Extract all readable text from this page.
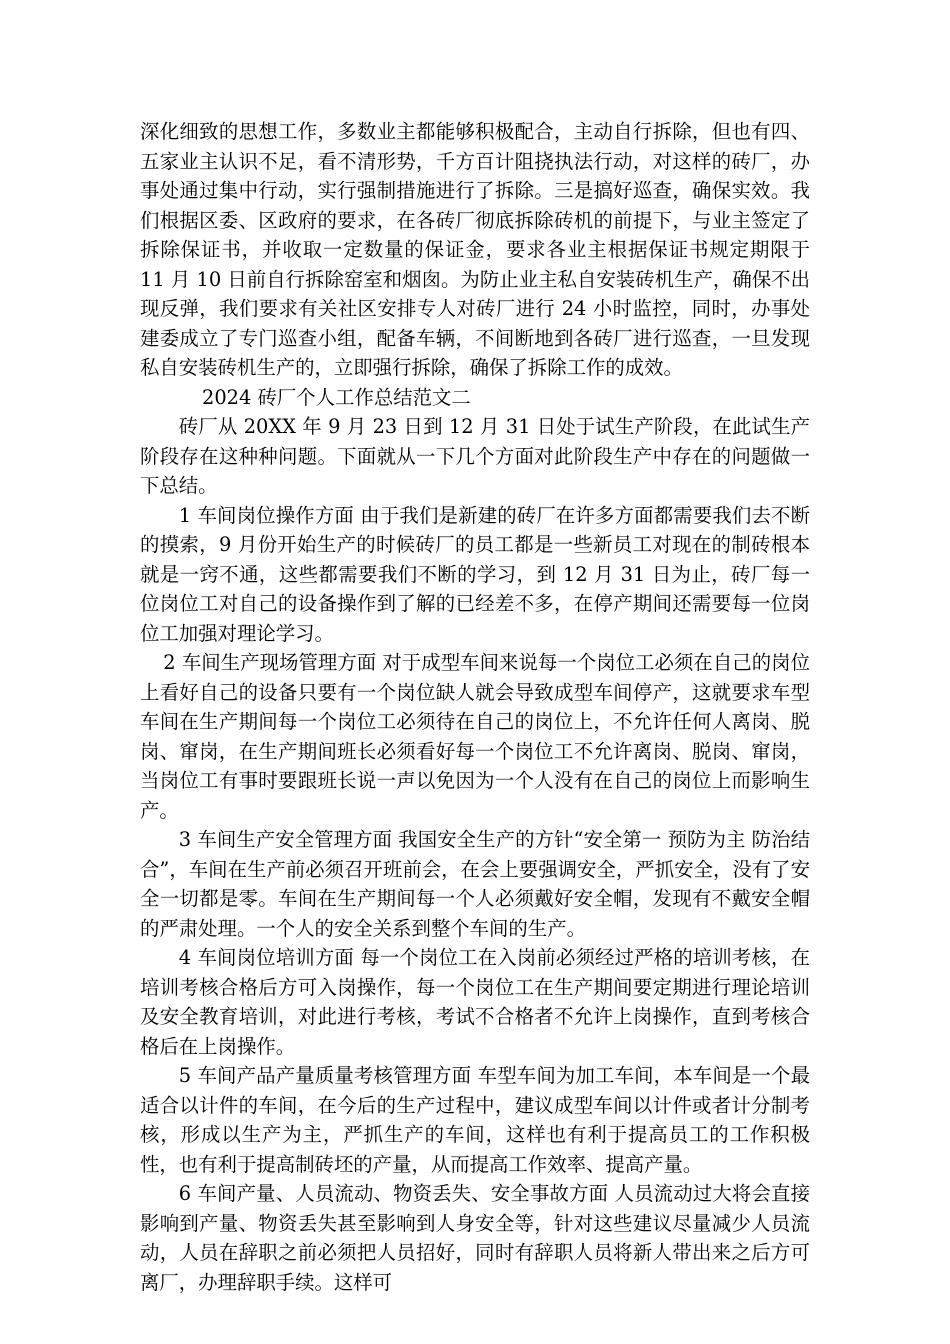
深化细致的思想工作，多数业主都能够积极配合，主动自行拆除，但也有四、五家业主认识不足，看不清形势，千方百计阻挠执法行动，对这样的砖厂，办事处通过集中行动，实行强制措施进行了拆除。三是搞好巡查，确保实效。我们根据区委、区政府的要求，在各砖厂彻底拆除砖机的前提下，与业主签定了拆除保证书，并收取一定数量的保证金，要求各业主根据保证书规定期限于 11 月 10 日前自行拆除窑室和烟囱。为防止业主私自安装砖机生产，确保不出现反弹，我们要求有关社区安排专人对砖厂进行 24 小时监控，同时，办事处建委成立了专门巡查小组，配备车辆，不间断地到各砖厂进行巡查，一旦发现私自安装砖机生产的，立即强行拆除，确保了拆除工作的成效。

2024 砖厂个人工作总结范文二

砖厂从 20XX 年 9 月 23 日到 12 月 31 日处于试生产阶段，在此试生产阶段存在这种种问题。下面就从一下几个方面对此阶段生产中存在的问题做一下总结。

1 车间岗位操作方面 由于我们是新建的砖厂在许多方面都需要我们去不断的摸索，9 月份开始生产的时候砖厂的员工都是一些新员工对现在的制砖根本就是一窍不通，这些都需要我们不断的学习，到 12 月 31 日为止，砖厂每一位岗位工对自己的设备操作到了解的已经差不多，在停产期间还需要每一位岗位工加强对理论学习。

2 车间生产现场管理方面 对于成型车间来说每一个岗位工必须在自己的岗位上看好自己的设备只要有一个岗位缺人就会导致成型车间停产，这就要求车型车间在生产期间每一个岗位工必须待在自己的岗位上，不允许任何人离岗、脱岗、窜岗，在生产期间班长必须看好每一个岗位工不允许离岗、脱岗、窜岗，当岗位工有事时要跟班长说一声以免因为一个人没有在自己的岗位上而影响生产。

3 车间生产安全管理方面 我国安全生产的方针“安全第一 预防为主 防治结合”，车间在生产前必须召开班前会，在会上要强调安全，严抓安全，没有了安全一切都是零。车间在生产期间每一个人必须戴好安全帽，发现有不戴安全帽的严肃处理。一个人的安全关系到整个车间的生产。

4 车间岗位培训方面 每一个岗位工在入岗前必须经过严格的培训考核，在培训考核合格后方可入岗操作，每一个岗位工在生产期间要定期进行理论培训及安全教育培训，对此进行考核，考试不合格者不允许上岗操作，直到考核合格后在上岗操作。

5 车间产品产量质量考核管理方面 车型车间为加工车间，本车间是一个最适合以计件的车间，在今后的生产过程中，建议成型车间以计件或者计分制考核，形成以生产为主，严抓生产的车间，这样也有利于提高员工的工作积极性，也有利于提高制砖坯的产量，从而提高工作效率、提高产量。

6 车间产量、人员流动、物资丢失、安全事故方面 人员流动过大将会直接影响到产量、物资丢失甚至影响到人身安全等，针对这些建议尽量减少人员流动，人员在辞职之前必须把人员招好，同时有辞职人员将新人带出来之后方可离厂，办理辞职手续。这样可
